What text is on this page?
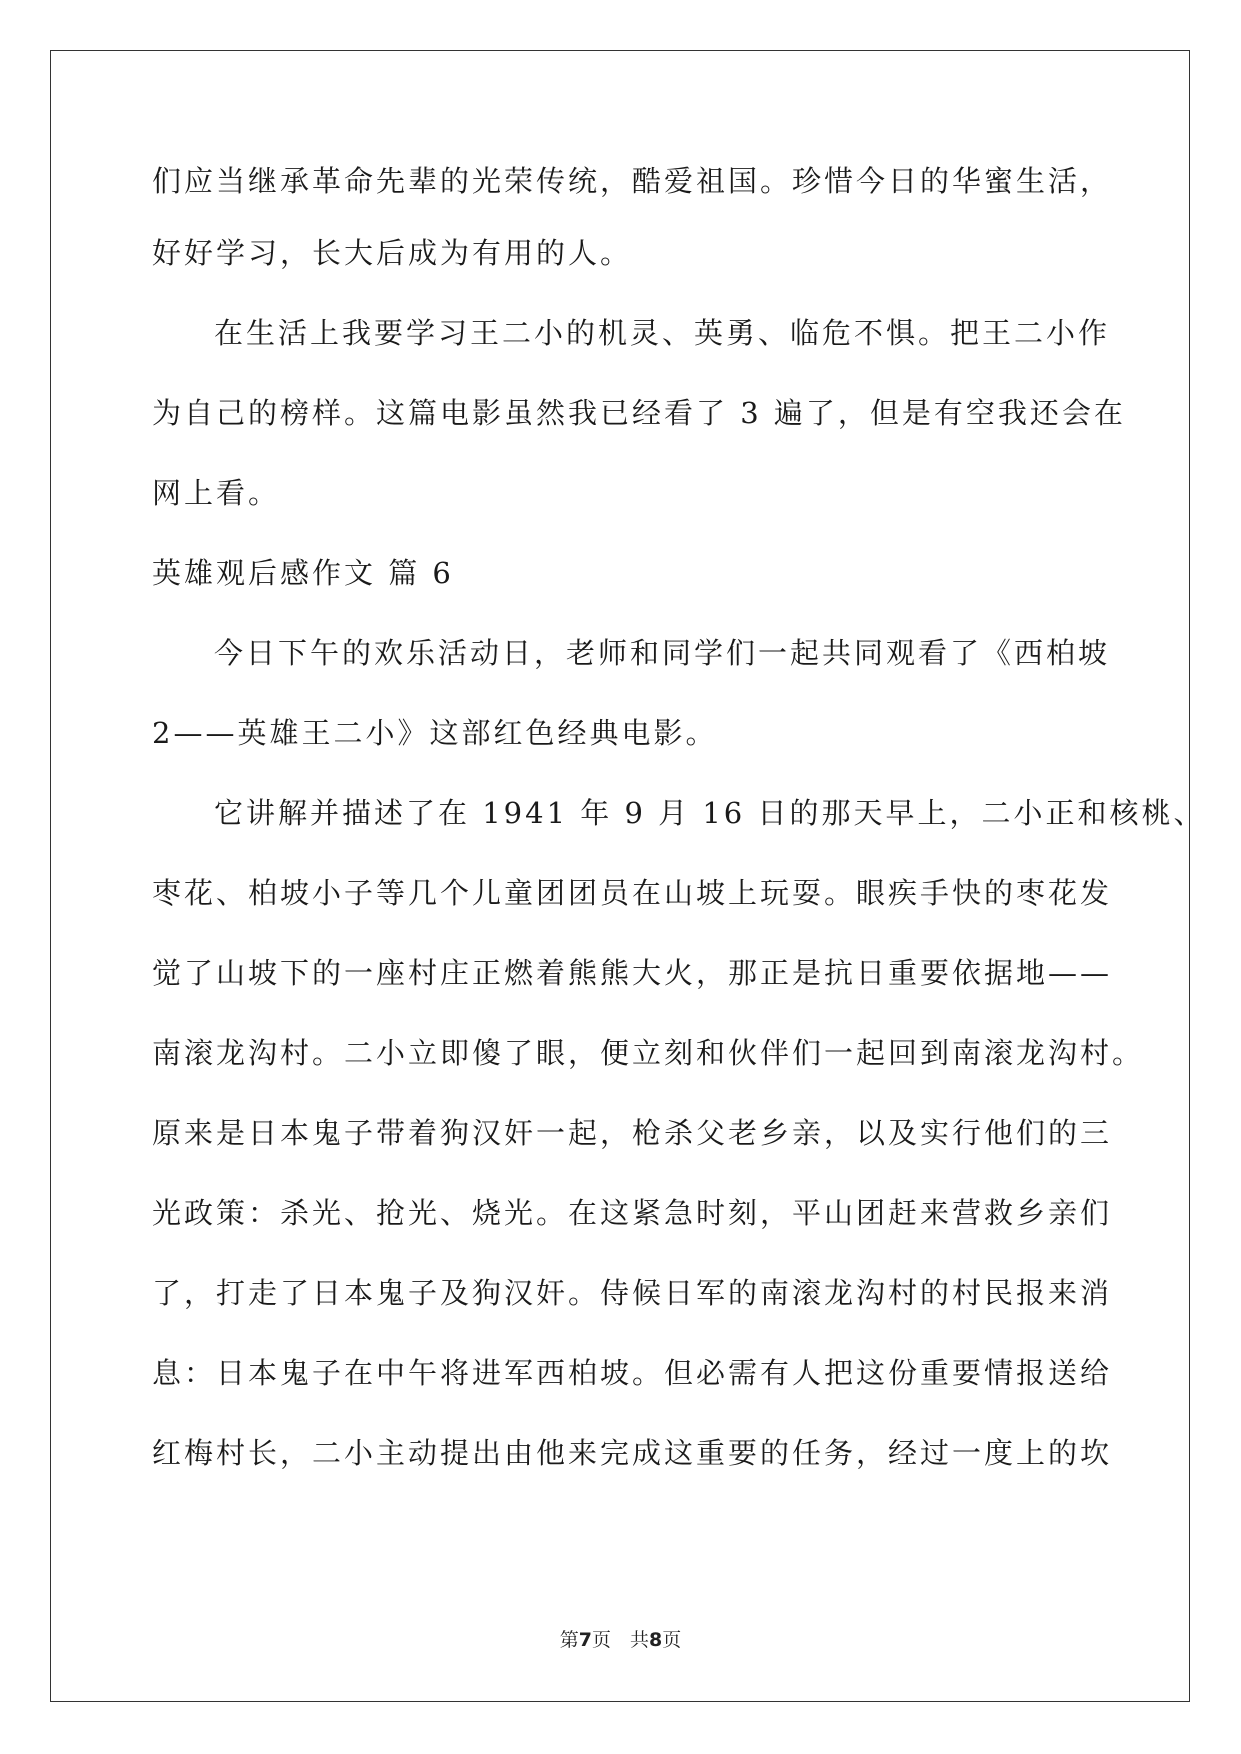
们应当继承革命先辈的光荣传统，酷爱祖国。珍惜今日的华蜜生活，
好好学习，长大后成为有用的人。
在生活上我要学习王二小的机灵、英勇、临危不惧。把王二小作
为自己的榜样。这篇电影虽然我已经看了 3 遍了，但是有空我还会在
网上看。
英雄观后感作文 篇 6
今日下午的欢乐活动日，老师和同学们一起共同观看了《西柏坡
2——英雄王二小》这部红色经典电影。
它讲解并描述了在 1941 年 9 月 16 日的那天早上，二小正和核桃、
枣花、柏坡小子等几个儿童团团员在山坡上玩耍。眼疾手快的枣花发
觉了山坡下的一座村庄正燃着熊熊大火，那正是抗日重要依据地——
南滚龙沟村。二小立即傻了眼，便立刻和伙伴们一起回到南滚龙沟村。
原来是日本鬼子带着狗汉奸一起，枪杀父老乡亲，以及实行他们的三
光政策：杀光、抢光、烧光。在这紧急时刻，平山团赶来营救乡亲们
了，打走了日本鬼子及狗汉奸。侍候日军的南滚龙沟村的村民报来消
息：日本鬼子在中午将进军西柏坡。但必需有人把这份重要情报送给
红梅村长，二小主动提出由他来完成这重要的任务，经过一度上的坎
第7页　共8页
